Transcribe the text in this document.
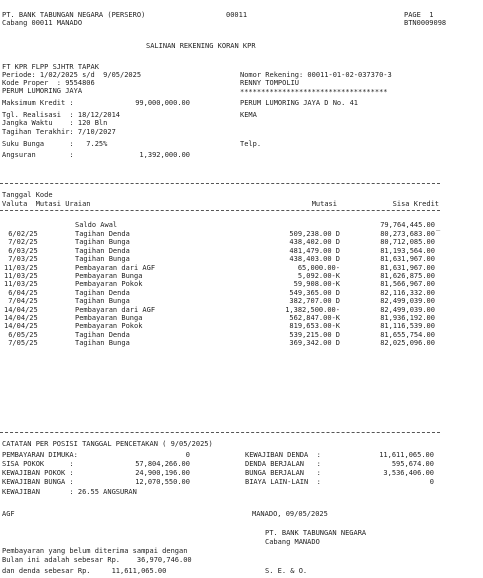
PT. BANK TABUNGAN NEGARA (PERSERO)	00011	PAGE  1
Cabang 00011 MANADO	BTN0009098
SALINAN REKENING KORAN KPR
FT KPR FLPP SJHTR TAPAK
Periode: 1/02/2025 s/d  9/05/2025
Kode Proper  : 9554806
PERUM LUMORING JAYA
Maksimum Kredit :	99,000,000.00
Tgl. Realisasi  : 18/12/2014
Jangka Waktu    : 120 Bln
Tagihan Terakhir: 7/10/2027
Suku Bunga      :   7.25%
Angsuran        :	1,392,000.00
Nomor Rekening: 00011-01-02-037370-3
RENNY TOMPOLIU
***********************************
PERUM LUMORING JAYA D No. 41
KEMA
Telp.
Tanggal Kode
Valuta  Mutasi Uraian	Mutasi	Sisa Kredit
Saldo Awal	79,764,445.00 _
6/02/25	Tagihan Denda	509,238.00 D	80,273,683.00
7/02/25	Tagihan Bunga	438,402.00 D	80,712,085.00
6/03/25	Tagihan Denda	481,479.00 D	81,193,564.00
7/03/25	Tagihan Bunga	438,403.00 D	81,631,967.00
11/03/25	Pembayaran dari AGF	65,000.00-	81,631,967.00
11/03/25	Pembayaran Bunga	5,092.00-K	81,626,875.00
11/03/25	Pembayaran Pokok	59,908.00-K	81,566,967.00
6/04/25	Tagihan Denda	549,365.00 D	82,116,332.00
7/04/25	Tagihan Bunga	382,707.00 D	82,499,039.00
14/04/25	Pembayaran dari AGF	1,382,500.00-	82,499,039.00
14/04/25	Pembayaran Bunga	562,847.00-K	81,936,192.00
14/04/25	Pembayaran Pokok	819,653.00-K	81,116,539.00
6/05/25	Tagihan Denda	539,215.00 D	81,655,754.00
7/05/25	Tagihan Bunga	369,342.00 D	82,025,096.00
CATATAN PER POSISI TANGGAL PENCETAKAN ( 9/05/2025)
PEMBAYARAN DIMUKA:	0
SISA POKOK      :	57,804,266.00
KEWAJIBAN POKOK :	24,900,196.00
KEWAJIBAN BUNGA :	12,070,550.00
KEWAJIBAN       : 26.55 ANGSURAN
KEWAJIBAN DENDA  :	11,611,065.00
DENDA BERJALAN   :	595,674.00
BUNGA BERJALAN   :	3,536,406.00
BIAYA LAIN-LAIN  :	0
AGF	MANADO, 09/05/2025
PT. BANK TABUNGAN NEGARA
Cabang MANADO
Pembayaran yang belum diterima sampai dengan
Bulan ini adalah sebesar Rp.    36,970,746.00
dan denda sebesar Rp.     11,611,065.00	S. E. & O.
